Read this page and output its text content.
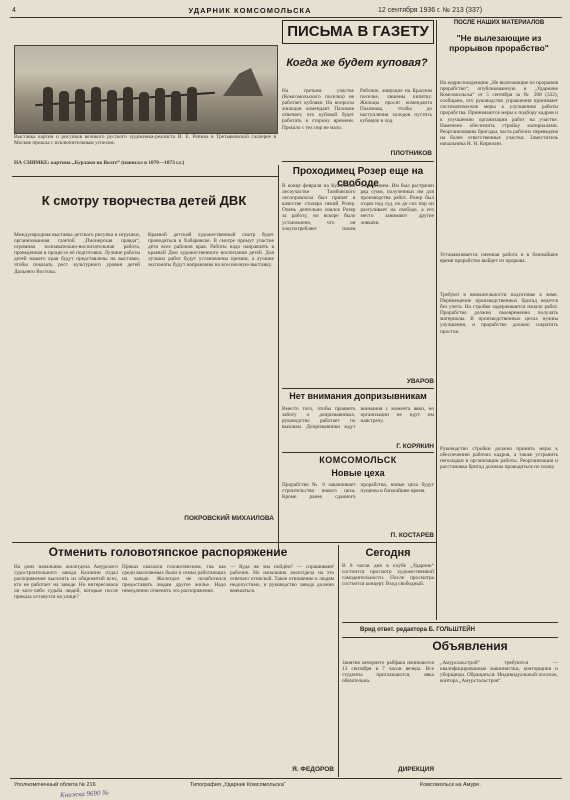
4	УДАРНИК КОМСОМОЛЬСКА	12 сентября 1936 г. № 213 (337)
Выставка картин и рисунков великого русского художника-реалиста И. Е. Репина в Третьяковской галлерее в Москве прошла с исключительным успехом.
НА СНИМКЕ: картина „Бурлаки на Волге“ (написал в 1870—1873 г.г.)
ПИСЬМА В ГАЗЕТУ
Когда же будет куповая?
На третьем участке (Комсомольского поселка) не работает кубовая. На вопросы жильцов комендант Пахомов отвечает, что кубовой будет работать в сторону времени. Прошло с тех пор не мало.
Рабочие, живущие на Красном поселке, лишены кипятку. Жильцы просят коменданта Пахомова, чтобы до наступления холодов пустить кубовую в ход.
ПЛОТНИКОВ
ПОСЛЕ НАШИХ МАТЕРИАЛОВ
"Не вылезающие из прорывов прорабство"
На корреспонденцию „Не вылезающие из прорывов прорабство“, опубликованную в „Ударнике Комсомольска“ от 5 сентября за № 208 (332), сообщаем, что руководство управления принимает систематические меры к улучшению работы прорабства. Принимаются меры к подбору кадров и к улучшению организации работ на участке. Намечено обеспечить стройку материалами. Реорганизованы бригады, часть рабочих переведена на более ответственные участки. Заместитель начальника Н. Н. Кирюхин.
Устанавливается сменная работа и в ближайшее время прорабство выйдет из прорыва.
Требуют к внимательности подготовке к зиме. Перемещение производственных бригад ведется без учета. На стройке задерживается начало работ. Прорабство должно своевременно получать материалы. В производственных цехах нужны улучшения, и прорабство должно сократить простои.
Руководство стройки должно принять меры к обеспечению рабочих кадров, а также устранить неполадки в организации работы. Реорганизация и расстановка бригад должны проводиться по плану.
К смотру творчества детей ДВК
Международная выставка детского рисунка и игрушки, организованная газетой „Пионерская правда“, огромная познавательно-воспитательная работа, проведенная в процессе её подготовки. Лучшие работы детей нашего края будут представлены на выставке, чтобы показать рост культурного уровня детей Дальнего Востока.
Краевой детский художественный смотр будет проводиться в Хабаровске. В смотре примут участие дети всех районов края. Работы надо направлять в краевой Дом художественного воспитания детей. Для лучших работ будут установлены премии, а лучшие экспонаты будут направлены на всесоюзную выставку.
ПОКРОВСКИЙ МИХАИЛОВА
Проходимец Розер еще на свободе
В конце февраля на Кулинском лесоучастке Тамбовского лесопромхоза был принят в качестве столяра некий Розер. Очень деятельно взялся Розер за работу, но вскоре было установлено, что он злоупотребляет своим положением. Им был растрачен ряд сумм, полученных им для производства работ. Розер был отдан под суд, но до сих пор он разгуливает на свободе, а его место занимают другие ловкачи.
УВАРОВ
Нет внимания допризывникам
Вместо того, чтобы проявить заботу о допризывниках, руководство работает по вызовам. Допризывники ждут внимания с момента явки, но организации не идут им навстречу.
Г. КОРЯКИН
КОМСОМОЛЬСК
Новые цеха
Прорабство № 6 заканчивает строительство нового цеха. Кроме ранее сданного прорабства, новые цеха будут пущены в ближайшее время.
П. КОСТАРЕВ
Отменить головотяпское распоряжение
На днях начальник жилотдела Амурского судостроительного завода Калинин отдал распоряжение выселить из общежитий всех, кто не работает на заводе. Но интересовала ли кого-либо судьба людей, которые после приказа останутся на улице?
Приказ оказался головотяпским, так как среди выселяемых были и семьи работающих на заводе. Жилотдел не позаботился предоставить людям другое жилье. Надо немедленно отменить это распоряжение.
— Куда же мы пойдём? — спрашивают рабочие. Но начальник жилотдела на это отвечает отпиской. Такое отношение к людям недопустимо, и руководство завода должно вмешаться.
Я. ФЕДОРОВ
Сегодня
В 8 часов дня в клубе „Ударник“ состоится просмотр художественной самодеятельности. После просмотра состоится концерт. Вход свободный.
Врид ответ. редактора Б. ГОЛЬШТЕЙН
Объявления
Занятия вечернего рабфака начинаются 13 сентября в 7 часов вечера. Все студенты приглашаются, явка обязательна.
ДИРЕКЦИЯ
„Амурсальстрой“ требуются — квалифицированные машинистки, конторщики и уборщицы. Обращаться: Индивидуальный поселок, контора „Амурстальстроя“.
Уполномоченный облита № 216	Типография „Ударник Комсомольска“	Комсомольск на Амуре.
Книжка 9690 №
